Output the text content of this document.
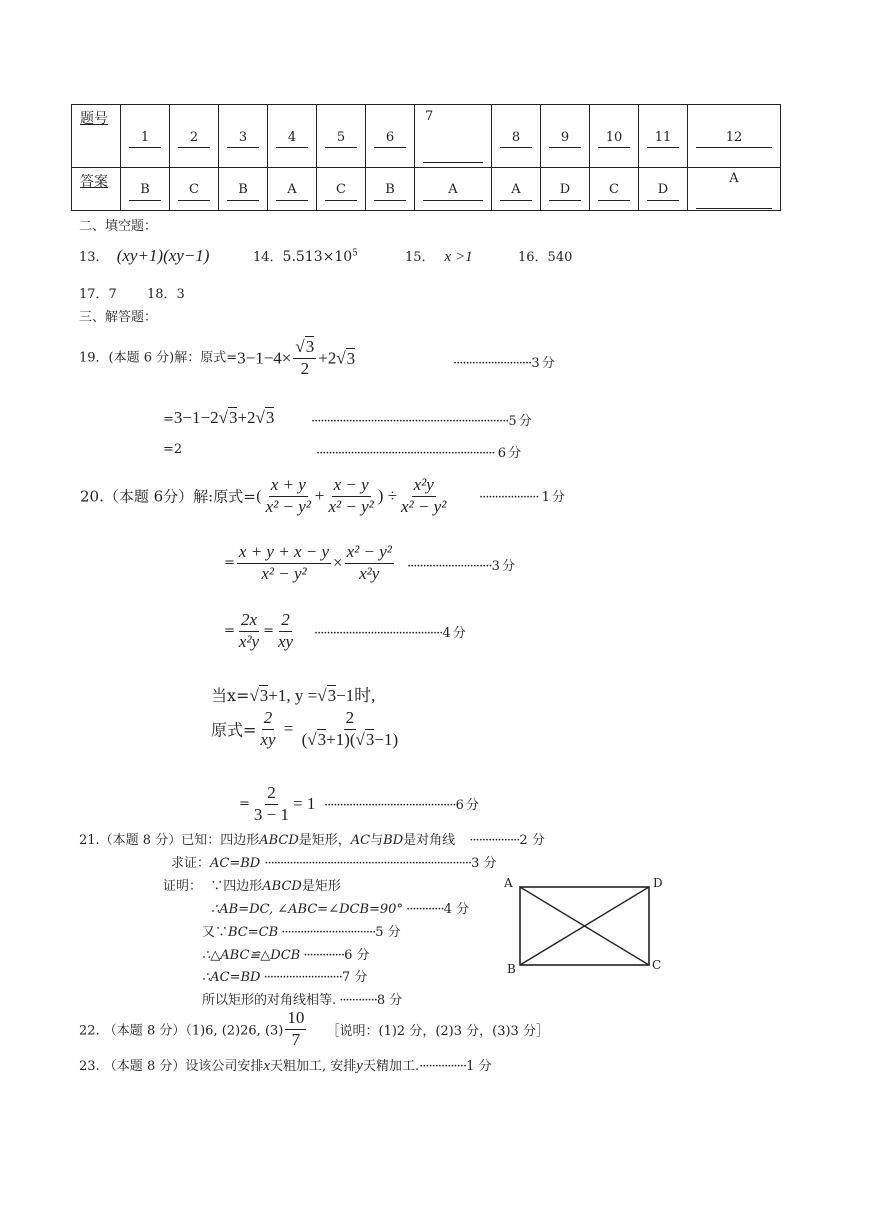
题号	1	2	3	4	5	6	7	8	9	10	11	12

答案	B	C	B	A	C	B	A	A	D	C	D	A
二、填空题：
13． (xy+1)(xy−1)	14．$5.513\times 10^5$	15． x >1	16．540
17．7 18．3
三、解答题：
19．(本题 6 分)解：原式$=3-1-4\times \frac{√3}{2} +2√3$	·························3 分
=3−1−2√3+2√3	·······························································5 分
=2	························································· 6 分
20.（本题 6分）解:原式=( $\frac{x + y}{\text{x² − y²}} + \frac{x - y}{\text{x² − y²}}$ ) ÷ $\frac{\text{x²y}}{\text{x² − y²}}$ ··················· 1 分
= $\frac{x + y + x - y}{\text{x² − y²}} \times \frac{\text{x² − y²}}{\text{x²y}} \cdot\cdot\cdot\cdot\cdot\cdot\cdot\cdot\cdot\cdot\cdot\cdot\cdot\cdot\cdot\cdot\cdot\cdot\cdot\cdot\cdot\cdot\cdot\cdot\cdot\cdot\cdot 3$ 分
= $\frac{2x}{\text{x²y}} = \frac{2}{xy} \cdot\cdot\cdot\cdot\cdot\cdot\cdot\cdot\cdot\cdot\cdot\cdot\cdot\cdot\cdot\cdot\cdot\cdot\cdot\cdot\cdot\cdot\cdot\cdot\cdot\cdot\cdot\cdot\cdot\cdot\cdot\cdot\cdot\cdot\cdot\cdot\cdot\cdot\cdot\cdot\cdot 4$ 分
当x=√3+1, y =√3−1时,
原式= $\frac{2}{xy} = \frac{2}{(√3+1)(√3-1)}$
= $\frac{2}{3 - 1} = 1 \cdot\cdot\cdot\cdot\cdot\cdot\cdot\cdot\cdot\cdot\cdot\cdot\cdot\cdot\cdot\cdot\cdot\cdot\cdot\cdot\cdot\cdot\cdot\cdot\cdot\cdot\cdot\cdot\cdot\cdot\cdot\cdot\cdot\cdot\cdot\cdot\cdot\cdot\cdot\cdot\cdot\cdot 6$ 分
21.（本题 8 分）已知：四边形ABCD是矩形，AC与BD是对角线 ················2 分
求证：AC=BD ··································································3 分
证明： ∵四边形ABCD是矩形
∴AB=DC, ∠ABC=∠DCB=90° ············4 分
又∵BC=CB ······························5 分
∴△ABC≌△DCB ·············6 分
∴AC=BD ·························7 分
所以矩形的对角线相等. ············8 分
A	D
B	C
22. （本题 8 分）（1)6, (2)26, $(3) \frac{10}{7}$ ［说明：(1)2 分，(2)3 分，(3)3 分］
23. （本题 8 分）设该公司安排x天粗加工, 安排y天精加工.···············1 分
